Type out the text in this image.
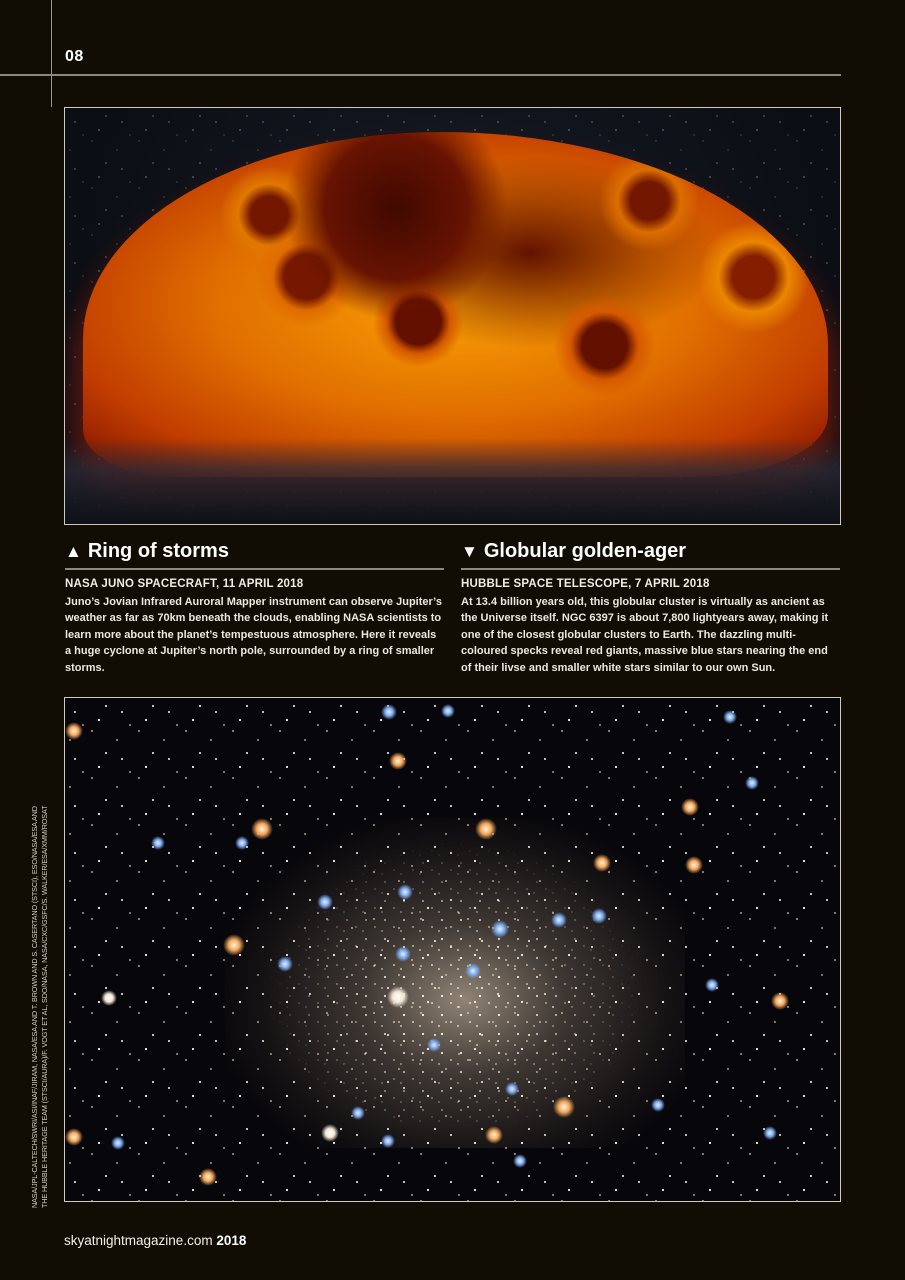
08
▲ Ring of storms
NASA JUNO SPACECRAFT, 11 APRIL 2018
Juno’s Jovian Infrared Auroral Mapper instrument can observe Jupiter’s weather as far as 70km beneath the clouds, enabling NASA scientists to learn more about the planet’s tempestuous atmosphere. Here it reveals a huge cyclone at Jupiter’s north pole, surrounded by a ring of smaller storms.
▼ Globular golden-ager
HUBBLE SPACE TELESCOPE, 7 APRIL 2018
At 13.4 billion years old, this globular cluster is virtually as ancient as the Universe itself. NGC 6397 is about 7,800 lightyears away, making it one of the closest globular clusters to Earth. The dazzling multi-coloured specks reveal red giants, massive blue stars nearing the end of their livse and smaller white stars similar to our own Sun.
NASA/JPL-CALTECH/SWRI/ASI/INAF/JIRAM, NASA/ESA AND T. BROWN AND S. CASERTANO (STSCI), ESO/NASA/ESA AND THE HUBBLE HERITAGE TEAM (STSCI/AURA)/F. VOGT ET AL, SDO/NASA, NASA/CXC/GSFC/S. WALKER/ESA/XMM/ROSAT
skyatnightmagazine.com 2018
